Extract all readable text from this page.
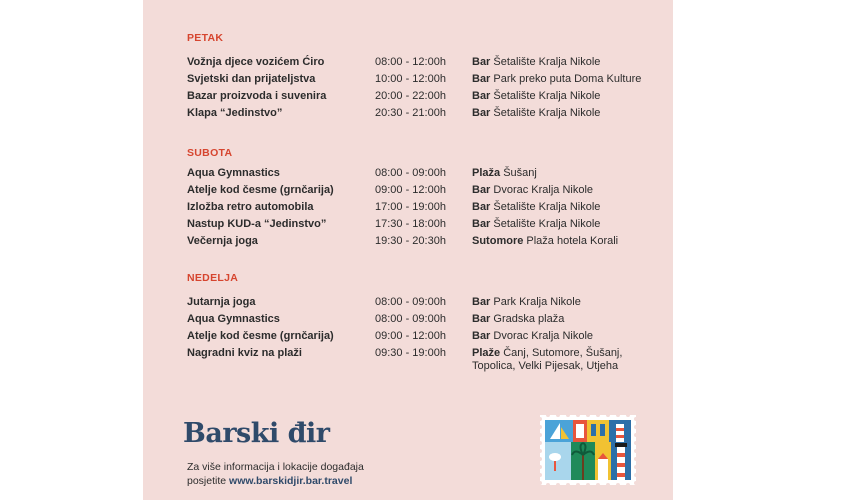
PETAK
Vožnja djece vozićem Ćiro	08:00 - 12:00h Bar Šetalište Kralja Nikole
Svjetski dan prijateljstva	10:00 - 12:00h Bar Park preko puta Doma Kulture
Bazar proizvoda i suvenira	20:00 - 22:00h Bar Šetalište Kralja Nikole
Klapa “Jedinstvo”	20:30 - 21:00h Bar Šetalište Kralja Nikole
SUBOTA
Aqua Gymnastics	08:00 - 09:00h Plaža Šušanj
Atelje kod česme (grnčarija)	09:00 - 12:00h Bar Dvorac Kralja Nikole
Izložba retro automobila	17:00 - 19:00h Bar Šetalište Kralja Nikole
Nastup KUD-a “Jedinstvo”	17:30 - 18:00h Bar Šetalište Kralja Nikole
Večernja joga	19:30 - 20:30h Sutomore Plaža hotela Korali
NEDELJA
Jutarnja joga	08:00 - 09:00h Bar Park Kralja Nikole
Aqua Gymnastics	08:00 - 09:00h Bar Gradska plaža
Atelje kod česme (grnčarija)	09:00 - 12:00h Bar Dvorac Kralja Nikole
Nagradni kviz na plaži	09:30 - 19:00h Plaže Čanj, Sutomore, Šušanj,
Topolica, Velki Pijesak, Utjeha
Barski đir
Za više informacija i lokacije događaja
posjetite www.barskidjir.bar.travel
